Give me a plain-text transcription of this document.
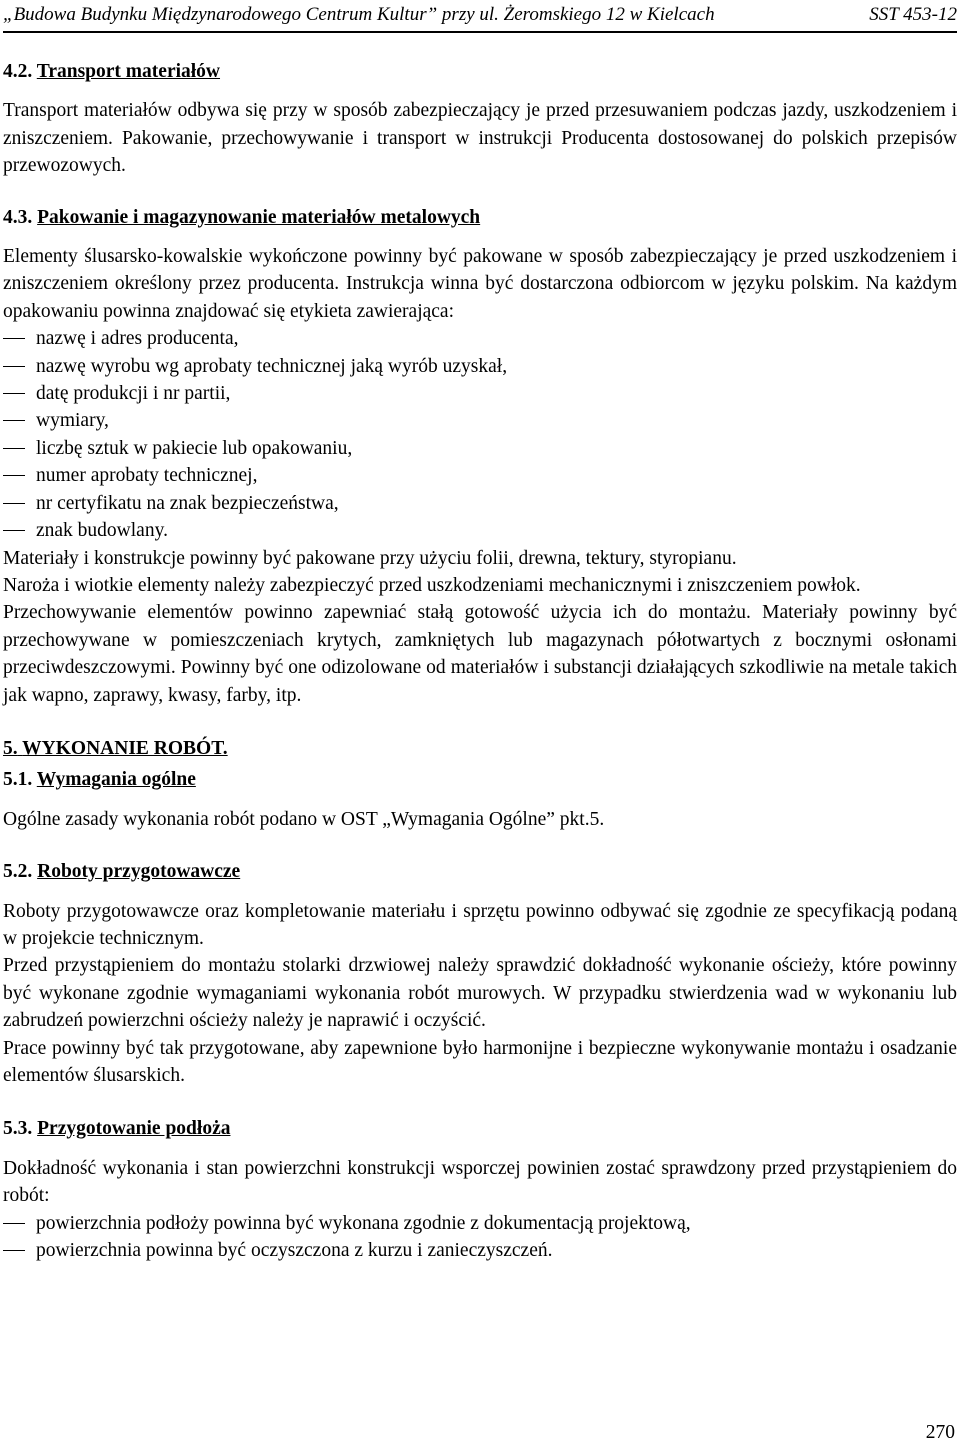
„Budowa Budynku Międzynarodowego Centrum Kultur” przy ul. Żeromskiego 12 w Kielcach	SST 453-12

4.2. Transport materiałów

Transport materiałów odbywa się przy w sposób zabezpieczający je przed przesuwaniem podczas jazdy, uszkodzeniem i zniszczeniem. Pakowanie, przechowywanie i transport w instrukcji Producenta dostosowanej do polskich przepisów przewozowych.

4.3. Pakowanie i magazynowanie materiałów metalowych

Elementy ślusarsko-kowalskie wykończone powinny być pakowane w sposób zabezpieczający je przed uszkodzeniem i zniszczeniem określony przez producenta. Instrukcja winna być dostarczona odbiorcom w języku polskim. Na każdym opakowaniu powinna znajdować się etykieta zawierająca:

nazwę i adres producenta,
nazwę wyrobu wg aprobaty technicznej jaką wyrób uzyskał,
datę produkcji i nr partii,
wymiary,
liczbę sztuk w pakiecie lub opakowaniu,
numer aprobaty technicznej,
nr certyfikatu na znak bezpieczeństwa,
znak budowlany.

Materiały i konstrukcje powinny być pakowane przy użyciu folii, drewna, tektury, styropianu.

Naroża i wiotkie elementy należy zabezpieczyć przed uszkodzeniami mechanicznymi i zniszczeniem powłok.

Przechowywanie elementów powinno zapewniać stałą gotowość użycia ich do montażu. Materiały powinny być przechowywane w pomieszczeniach krytych, zamkniętych lub magazynach półotwartych z bocznymi osłonami przeciwdeszczowymi. Powinny być one odizolowane od materiałów i substancji działających szkodliwie na metale takich jak wapno, zaprawy, kwasy, farby, itp.

5. WYKONANIE ROBÓT.

5.1. Wymagania ogólne

Ogólne zasady wykonania robót podano w OST „Wymagania Ogólne” pkt.5.

5.2. Roboty przygotowawcze

Roboty przygotowawcze oraz kompletowanie materiału i sprzętu powinno odbywać się zgodnie ze specyfikacją podaną w projekcie technicznym.

Przed przystąpieniem do montażu stolarki drzwiowej należy sprawdzić dokładność wykonanie ościeży, które powinny być wykonane zgodnie wymaganiami wykonania robót murowych. W przypadku stwierdzenia wad w wykonaniu lub zabrudzeń powierzchni ościeży należy je naprawić i oczyścić.

Prace powinny być tak przygotowane, aby zapewnione było harmonijne i bezpieczne wykonywanie montażu i osadzanie elementów ślusarskich.

5.3. Przygotowanie podłoża

Dokładność wykonania i stan powierzchni konstrukcji wsporczej powinien zostać sprawdzony przed przystąpieniem do robót:

powierzchnia podłoży powinna być wykonana zgodnie z dokumentacją projektową,
powierzchnia powinna być oczyszczona z kurzu i zanieczyszczeń.
270
